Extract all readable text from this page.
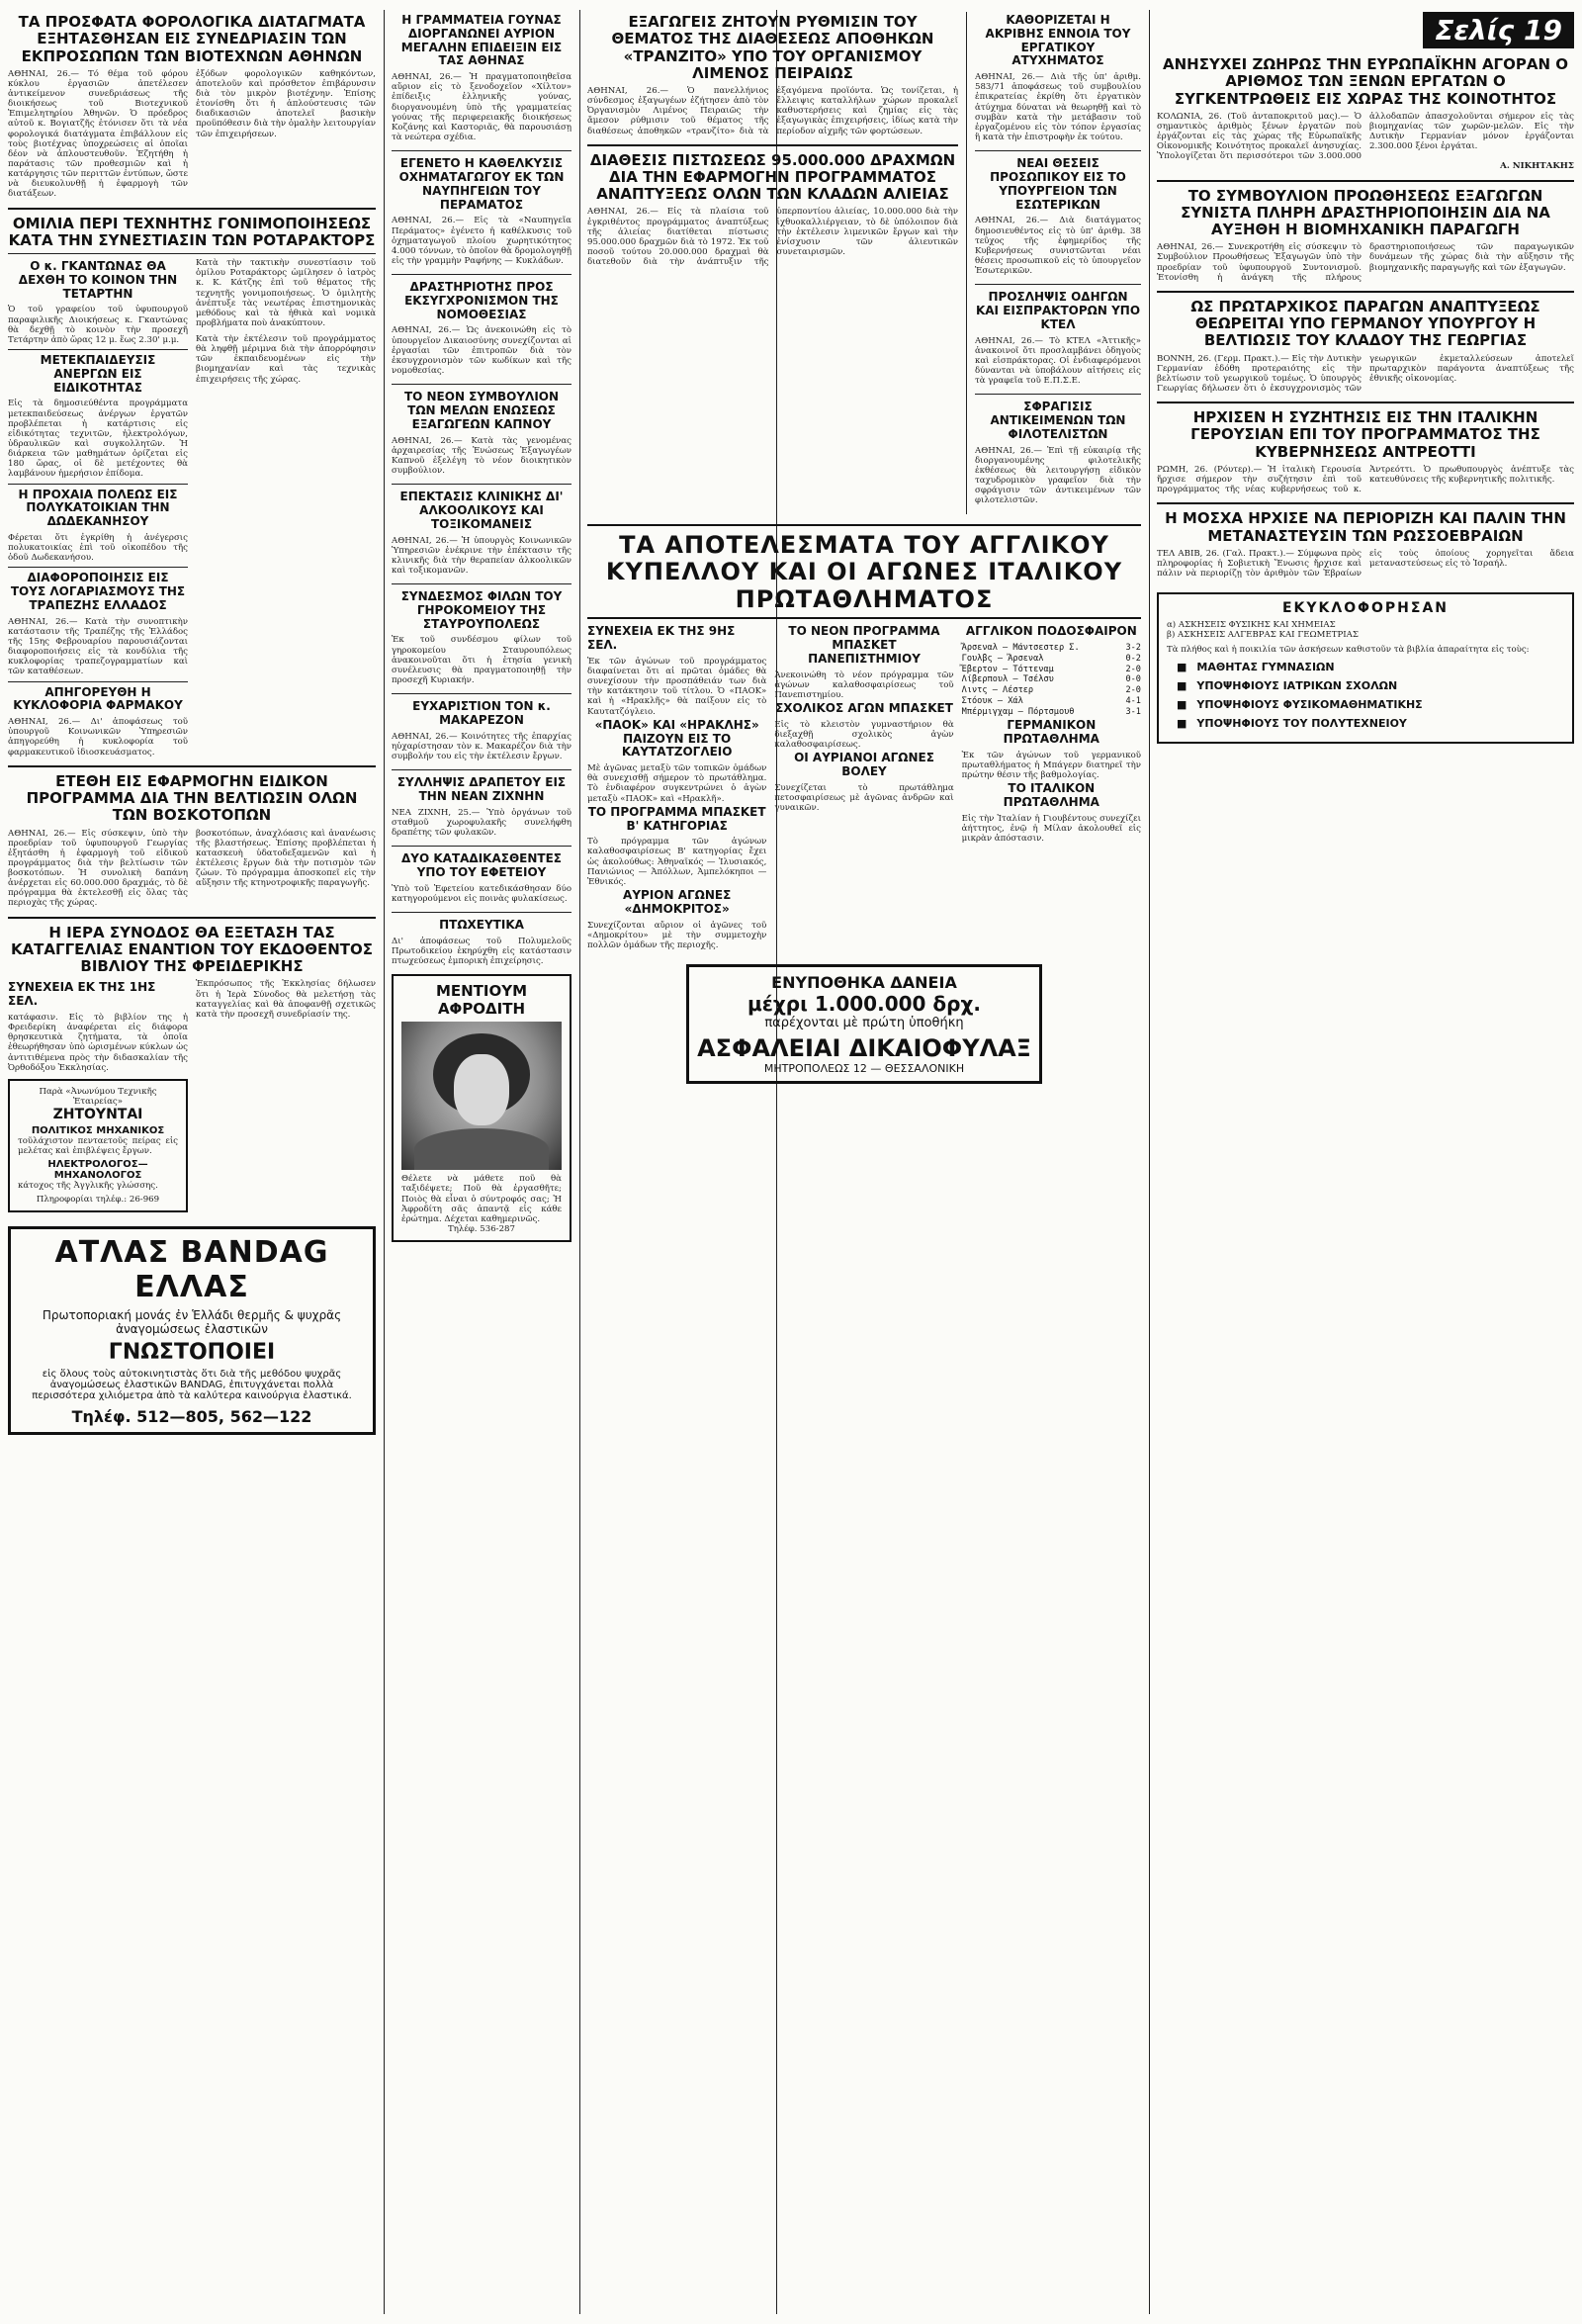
ΤΑ ΠΡΟΣΦΑΤΑ ΦΟΡΟΛΟΓΙΚΑ ΔΙΑΤΑΓΜΑΤΑ ΕΞΗΤΑΣΘΗΣΑΝ ΕΙΣ ΣΥΝΕΔΡΙΑΣΙΝ ΤΩΝ ΕΚΠΡΟΣΩΠΩΝ ΤΩΝ ΒΙΟΤΕΧΝΩΝ ΑΘΗΝΩΝ
ΑΘΗΝΑΙ, 26.— Τό θέμα τοῦ φόρου κύκλου ἐργασιῶν ἀπετέλεσεν ἀντικείμενον συνεδριάσεως τῆς διοικήσεως τοῦ Βιοτεχνικοῦ Ἐπιμελητηρίου Ἀθηνῶν. Ὁ πρόεδρος αὐτοῦ κ. Βογιατζῆς ἐτόνισεν ὅτι τὰ νέα φορολογικά διατάγματα ἐπιβάλλουν εἰς τοὺς βιοτέχνας ὑποχρεώσεις αἱ ὁποῖαι δέον νὰ ἀπλουστευθοῦν. Ἐζητήθη ἡ παράτασις τῶν προθεσμιῶν καὶ ἡ κατάργησις τῶν περιττῶν ἐντύπων, ὥστε νὰ διευκολυνθῇ ἡ ἐφαρμογὴ τῶν διατάξεων.
ἐξόδων φορολογικῶν καθηκόντων, ἀποτελοῦν καὶ πρόσθετον ἐπιβάρυνσιν διὰ τὸν μικρὸν βιοτέχνην. Ἐπίσης ἐτονίσθη ὅτι ἡ ἀπλούστευσις τῶν διαδικασιῶν ἀποτελεῖ βασικὴν προϋπόθεσιν διὰ τὴν ὁμαλὴν λειτουργίαν τῶν ἐπιχειρήσεων.
ΟΜΙΛΙΑ ΠΕΡΙ ΤΕΧΝΗΤΗΣ ΓΟΝΙΜΟΠΟΙΗΣΕΩΣ ΚΑΤΑ ΤΗΝ ΣΥΝΕΣΤΙΑΣΙΝ ΤΩΝ ΡΟΤΑΡΑΚΤΟΡΣ
Ο κ. ΓΚΑΝΤΩΝΑΣ ΘΑ ΔΕΧΘΗ ΤΟ ΚΟΙΝΟΝ ΤΗΝ ΤΕΤΑΡΤΗΝ
Ὁ τοῦ γραφείου τοῦ ὑφυπουργοῦ παραφιλικῆς Διοικήσεως κ. Γκαντώνας θὰ δεχθῇ τὸ κοινὸν τὴν προσεχῆ Τετάρτην ἀπὸ ὥρας 12 μ. ἕως 2.30' μ.μ.
ΜΕΤΕΚΠΑΙΔΕΥΣΙΣ ΑΝΕΡΓΩΝ ΕΙΣ ΕΙΔΙΚΟΤΗΤΑΣ
Εἰς τὰ δημοσιεύθέντα προγράμματα μετεκπαιδεύσεως ἀνέργων ἐργατῶν προβλέπεται ἡ κατάρτισις εἰς εἰδικότητας τεχνιτῶν, ἡλεκτρολόγων, ὑδραυλικῶν καὶ συγκολλητῶν. Ἡ διάρκεια τῶν μαθημάτων ὁρίζεται εἰς 180 ὥρας, οἱ δὲ μετέχοντες θὰ λαμβάνουν ἡμερήσιον ἐπίδομα.
Η ΠΡΟΧΑΙΑ ΠΟΛΕΩΣ ΕΙΣ ΠΟΛΥΚΑΤΟΙΚΙΑΝ ΤΗΝ ΔΩΔΕΚΑΝΗΣΟΥ
Φέρεται ὅτι ἐγκρίθη ἡ ἀνέγερσις πολυκατοικίας ἐπὶ τοῦ οἰκοπέδου τῆς ὁδοῦ Δωδεκανήσου.
ΔΙΑΦΟΡΟΠΟΙΗΣΙΣ ΕΙΣ ΤΟΥΣ ΛΟΓΑΡΙΑΣΜΟΥΣ ΤΗΣ ΤΡΑΠΕΖΗΣ ΕΛΛΑΔΟΣ
ΑΘΗΝΑΙ, 26.— Κατὰ τὴν συνοπτικὴν κατάστασιν τῆς Τραπέζης τῆς Ἑλλάδος τῆς 15ης Φεβρουαρίου παρουσιάζονται διαφοροποιήσεις εἰς τὰ κονδύλια τῆς κυκλοφορίας τραπεζογραμματίων καὶ τῶν καταθέσεων.
ΑΠΗΓΟΡΕΥΘΗ Η ΚΥΚΛΟΦΟΡΙΑ ΦΑΡΜΑΚΟΥ
ΑΘΗΝΑΙ, 26.— Δι' ἀποφάσεως τοῦ ὑπουργοῦ Κοινωνικῶν Ὑπηρεσιῶν ἀπηγορεύθη ἡ κυκλοφορία τοῦ φαρμακευτικοῦ ἰδιοσκευάσματος.
Κατὰ τὴν τακτικὴν συνεστίασιν τοῦ ὁμίλου Ροταράκτορς ὡμίλησεν ὁ ἰατρὸς κ. Κ. Κάτζης ἐπὶ τοῦ θέματος τῆς τεχνητῆς γονιμοποιήσεως. Ὁ ὁμιλητὴς ἀνέπτυξε τὰς νεωτέρας ἐπιστημονικὰς μεθόδους καὶ τὰ ἠθικὰ καὶ νομικὰ προβλήματα ποὺ ἀνακύπτουν.
Κατὰ τὴν ἐκτέλεσιν τοῦ προγράμματος θὰ ληφθῇ μέριμνα διὰ τὴν ἀπορρόφησιν τῶν ἐκπαιδευομένων εἰς τὴν βιομηχανίαν καὶ τὰς τεχνικὰς ἐπιχειρήσεις τῆς χώρας.
ΕΤΕΘΗ ΕΙΣ ΕΦΑΡΜΟΓΗΝ ΕΙΔΙΚΟΝ ΠΡΟΓΡΑΜΜΑ ΔΙΑ ΤΗΝ ΒΕΛΤΙΩΣΙΝ ΟΛΩΝ ΤΩΝ ΒΟΣΚΟΤΟΠΩΝ
ΑΘΗΝΑΙ, 26.— Εἰς σύσκεψιν, ὑπὸ τὴν προεδρίαν τοῦ ὑφυπουργοῦ Γεωργίας ἐξητάσθη ἡ ἐφαρμογὴ τοῦ εἰδικοῦ προγράμματος διὰ τὴν βελτίωσιν τῶν βοσκοτόπων. Ἡ συνολικὴ δαπάνη ἀνέρχεται εἰς 60.000.000 δραχμάς, τὸ δὲ πρόγραμμα θὰ ἐκτελεσθῇ εἰς ὅλας τὰς περιοχὰς τῆς χώρας.
βοσκοτόπων, ἀναχλόασις καὶ ἀνανέωσις τῆς βλαστήσεως. Ἐπίσης προβλέπεται ἡ κατασκευὴ ὑδατοδεξαμενῶν καὶ ἡ ἐκτέλεσις ἔργων διὰ τὴν ποτισμὸν τῶν ζώων. Τὸ πρόγραμμα ἀποσκοπεῖ εἰς τὴν αὔξησιν τῆς κτηνοτροφικῆς παραγωγῆς.
Η ΙΕΡΑ ΣΥΝΟΔΟΣ ΘΑ ΕΞΕΤΑΣΗ ΤΑΣ ΚΑΤΑΓΓΕΛΙΑΣ ΕΝΑΝΤΙΟΝ ΤΟΥ ΕΚΔΟΘΕΝΤΟΣ ΒΙΒΛΙΟΥ ΤΗΣ ΦΡΕΙΔΕΡΙΚΗΣ
ΣΥΝΕΧΕΙΑ ΕΚ ΤΗΣ 1ΗΣ ΣΕΛ.
κατάφασιν. Εἰς τὸ βιβλίον της ἡ Φρειδερίκη ἀναφέρεται εἰς διάφορα θρησκευτικὰ ζητήματα, τὰ ὁποῖα ἐθεωρήθησαν ὑπὸ ὡρισμένων κύκλων ὡς ἀντιτιθέμενα πρὸς τὴν διδασκαλίαν τῆς Ὀρθοδόξου Ἐκκλησίας.
Παρὰ «Ἀνωνύμου Τεχνικῆς Ἐταιρείας»
ΖΗΤΟΥΝΤΑΙ
ΠΟΛΙΤΙΚΟΣ ΜΗΧΑΝΙΚΟΣ
τοῦλάχιστον πενταετοῦς πείρας εἰς μελέτας καὶ ἐπιβλέψεις ἔργων.
ΗΛΕΚΤΡΟΛΟΓΟΣ—ΜΗΧΑΝΟΛΟΓΟΣ
κάτοχος τῆς Ἀγγλικῆς γλώσσης.
Πληροφορίαι τηλέφ.: 26-969
Ἐκπρόσωπος τῆς Ἐκκλησίας δήλωσεν ὅτι ἡ Ἱερὰ Σύνοδος θὰ μελετήσῃ τὰς καταγγελίας καὶ θὰ ἀποφανθῇ σχετικῶς κατὰ τὴν προσεχῆ συνεδρίασίν της.
ΑΤΛΑΣ BANDAG ΕΛΛΑΣ
Πρωτοποριακή μονάς ἐν Ἑλλάδι θερμῆς & ψυχρᾶς ἀναγομώσεως ἐλαστικῶν
ΓΝΩΣΤΟΠΟΙΕΙ
εἰς ὅλους τοὺς αὐτοκινητιστὰς ὅτι διὰ τῆς μεθόδου ψυχρᾶς ἀναγομώσεως ἐλαστικῶν BANDAG, ἐπιτυγχάνεται πολλὰ περισσότερα χιλιόμετρα ἀπὸ τὰ καλύτερα καινούργια ἐλαστικά.
Τηλέφ. 512—805, 562—122
Η ΓΡΑΜΜΑΤΕΙΑ ΓΟΥΝΑΣ ΔΙΟΡΓΑΝΩΝΕΙ ΑΥΡΙΟΝ ΜΕΓΑΛΗΝ ΕΠΙΔΕΙΞΙΝ ΕΙΣ ΤΑΣ ΑΘΗΝΑΣ
ΑΘΗΝΑΙ, 26.— Ἡ πραγματοποιηθεῖσα αὔριον εἰς τὸ ξενοδοχεῖον «Χίλτον» ἐπίδειξις ἑλληνικῆς γούνας, διοργανουμένη ὑπὸ τῆς γραμματείας γούνας τῆς περιφερειακῆς διοικήσεως Κοζάνης καὶ Καστοριᾶς, θὰ παρουσιάσῃ τὰ νεώτερα σχέδια.
ΕΓΕΝΕΤΟ Η ΚΑΘΕΛΚΥΣΙΣ ΟΧΗΜΑΤΑΓΩΓΟΥ ΕΚ ΤΩΝ ΝΑΥΠΗΓΕΙΩΝ ΤΟΥ ΠΕΡΑΜΑΤΟΣ
ΑΘΗΝΑΙ, 26.— Εἰς τὰ «Ναυπηγεῖα Περάματος» ἐγένετο ἡ καθέλκυσις τοῦ ὀχηματαγωγοῦ πλοίου χωρητικότητος 4.000 τόννων, τὸ ὁποῖον θὰ δρομολογηθῇ εἰς τὴν γραμμὴν Ραφήνης — Κυκλάδων.
ΔΡΑΣΤΗΡΙΟΤΗΣ ΠΡΟΣ ΕΚΣΥΓΧΡΟΝΙΣΜΟΝ ΤΗΣ ΝΟΜΟΘΕΣΙΑΣ
ΑΘΗΝΑΙ, 26.— Ὡς ἀνεκοινώθη εἰς τὸ ὑπουργεῖον Δικαιοσύνης συνεχίζονται αἱ ἐργασίαι τῶν ἐπιτροπῶν διὰ τὸν ἐκσυγχρονισμὸν τῶν κωδίκων καὶ τῆς νομοθεσίας.
ΤΟ ΝΕΟΝ ΣΥΜΒΟΥΛΙΟΝ ΤΩΝ ΜΕΛΩΝ ΕΝΩΣΕΩΣ ΕΞΑΓΩΓΕΩΝ ΚΑΠΝΟΥ
ΑΘΗΝΑΙ, 26.— Κατὰ τὰς γενομένας ἀρχαιρεσίας τῆς Ἑνώσεως Ἐξαγωγέων Καπνοῦ ἐξελέγη τὸ νέον διοικητικὸν συμβούλιον.
ΕΠΕΚΤΑΣΙΣ ΚΛΙΝΙΚΗΣ ΔΙ' ΑΛΚΟΟΛΙΚΟΥΣ ΚΑΙ ΤΟΞΙΚΟΜΑΝΕΙΣ
ΑΘΗΝΑΙ, 26.— Ἡ ὑπουργὸς Κοινωνικῶν Ὑπηρεσιῶν ἐνέκρινε τὴν ἐπέκτασιν τῆς κλινικῆς διὰ τὴν θεραπείαν ἀλκοολικῶν καὶ τοξικομανῶν.
ΣΥΝΔΕΣΜΟΣ ΦΙΛΩΝ ΤΟΥ ΓΗΡΟΚΟΜΕΙΟΥ ΤΗΣ ΣΤΑΥΡΟΥΠΟΛΕΩΣ
Ἐκ τοῦ συνδέσμου φίλων τοῦ γηροκομείου Σταυρουπόλεως ἀνακοινοῦται ὅτι ἡ ἐτησία γενικὴ συνέλευσις θὰ πραγματοποιηθῇ τὴν προσεχῆ Κυριακήν.
ΕΥΧΑΡΙΣΤΙΟΝ ΤΟΝ κ. ΜΑΚΑΡΕΖΟΝ
ΑΘΗΝΑΙ, 26.— Κοινότητες τῆς ἐπαρχίας ηὐχαρίστησαν τὸν κ. Μακαρέζον διὰ τὴν συμβολήν του εἰς τὴν ἐκτέλεσιν ἔργων.
ΣΥΛΛΗΨΙΣ ΔΡΑΠΕΤΟΥ ΕΙΣ ΤΗΝ ΝΕΑΝ ΖΙΧΝΗΝ
ΝΕΑ ΖΙΧΝΗ, 25.— Ὑπὸ ὀργάνων τοῦ σταθμοῦ χωροφυλακῆς συνελήφθη δραπέτης τῶν φυλακῶν.
ΔΥΟ ΚΑΤΑΔΙΚΑΣΘΕΝΤΕΣ ΥΠΟ ΤΟΥ ΕΦΕΤΕΙΟΥ
Ὑπὸ τοῦ Ἐφετείου κατεδικάσθησαν δύο κατηγορούμενοι εἰς ποινὰς φυλακίσεως.
ΠΤΩΧΕΥΤΙΚΑ
Δι' ἀποφάσεως τοῦ Πολυμελοῦς Πρωτοδικείου ἐκηρύχθη εἰς κατάστασιν πτωχεύσεως ἐμπορικὴ ἐπιχείρησις.
ΜΕΝΤΙΟΥΜ ΑΦΡΟΔΙΤΗ
Θέλετε νὰ μάθετε ποῦ θὰ ταξιδέψετε; Ποῦ θὰ ἐργασθῆτε; Ποιὸς θὰ εἶναι ὁ σύντροφός σας; Ἡ Ἀφροδίτη σᾶς ἀπαντᾷ εἰς κάθε ἐρώτημα. Δέχεται καθημερινῶς.
Τηλέφ. 536-287
ΕΞΑΓΩΓΕΙΣ ΖΗΤΟΥΝ ΡΥΘΜΙΣΙΝ ΤΟΥ ΘΕΜΑΤΟΣ ΤΗΣ ΔΙΑΘΕΣΕΩΣ ΑΠΟΘΗΚΩΝ «ΤΡΑΝΖΙΤΟ» ΥΠΟ ΤΟΥ ΟΡΓΑΝΙΣΜΟΥ ΛΙΜΕΝΟΣ ΠΕΙΡΑΙΩΣ
ΑΘΗΝΑΙ, 26.— Ὁ πανελλήνιος σύνδεσμος ἐξαγωγέων ἐζήτησεν ἀπὸ τὸν Ὀργανισμὸν Λιμένος Πειραιῶς τὴν ἄμεσον ρύθμισιν τοῦ θέματος τῆς διαθέσεως ἀποθηκῶν «τρανζίτο» διὰ τὰ ἐξαγόμενα προϊόντα. Ὡς τονίζεται, ἡ ἔλλειψις καταλλήλων χώρων προκαλεῖ καθυστερήσεις καὶ ζημίας εἰς τὰς ἐξαγωγικὰς ἐπιχειρήσεις, ἰδίως κατὰ τὴν περίοδον αἰχμῆς τῶν φορτώσεων.
ΔΙΑΘΕΣΙΣ ΠΙΣΤΩΣΕΩΣ 95.000.000 ΔΡΑΧΜΩΝ ΔΙΑ ΤΗΝ ΕΦΑΡΜΟΓΗΝ ΠΡΟΓΡΑΜΜΑΤΟΣ ΑΝΑΠΤΥΞΕΩΣ ΟΛΩΝ ΤΩΝ ΚΛΑΔΩΝ ΑΛΙΕΙΑΣ
ΑΘΗΝΑΙ, 26.— Εἰς τὰ πλαίσια τοῦ ἐγκριθέντος προγράμματος ἀναπτύξεως τῆς ἁλιείας διατίθεται πίστωσις 95.000.000 δραχμῶν διὰ τὸ 1972. Ἐκ τοῦ ποσοῦ τούτου 20.000.000 δραχμαὶ θὰ διατεθοῦν διὰ τὴν ἀνάπτυξιν τῆς ὑπερποντίου ἁλιείας, 10.000.000 διὰ τὴν ἰχθυοκαλλιέργειαν, τὸ δὲ ὑπόλοιπον διὰ τὴν ἐκτέλεσιν λιμενικῶν ἔργων καὶ τὴν ἐνίσχυσιν τῶν ἁλιευτικῶν συνεταιρισμῶν.
ΚΑΘΟΡΙΖΕΤΑΙ Η ΑΚΡΙΒΗΣ ΕΝΝΟΙΑ ΤΟΥ ΕΡΓΑΤΙΚΟΥ ΑΤΥΧΗΜΑΤΟΣ
ΑΘΗΝΑΙ, 26.— Διὰ τῆς ὑπ' ἀριθμ. 583/71 ἀποφάσεως τοῦ συμβουλίου ἐπικρατείας ἐκρίθη ὅτι ἐργατικὸν ἀτύχημα δύναται νὰ θεωρηθῇ καὶ τὸ συμβὰν κατὰ τὴν μετάβασιν τοῦ ἐργαζομένου εἰς τὸν τόπον ἐργασίας ἢ κατὰ τὴν ἐπιστροφὴν ἐκ τούτου.
ΝΕΑΙ ΘΕΣΕΙΣ ΠΡΟΣΩΠΙΚΟΥ ΕΙΣ ΤΟ ΥΠΟΥΡΓΕΙΟΝ ΤΩΝ ΕΣΩΤΕΡΙΚΩΝ
ΑΘΗΝΑΙ, 26.— Διὰ διατάγματος δημοσιευθέντος εἰς τὸ ὑπ' ἀριθμ. 38 τεῦχος τῆς ἐφημερίδος τῆς Κυβερνήσεως συνιστῶνται νέαι θέσεις προσωπικοῦ εἰς τὸ ὑπουργεῖον Ἐσωτερικῶν.
ΠΡΟΣΛΗΨΙΣ ΟΔΗΓΩΝ ΚΑΙ ΕΙΣΠΡΑΚΤΟΡΩΝ ΥΠΟ ΚΤΕΛ
ΑΘΗΝΑΙ, 26.— Τὸ ΚΤΕΛ «Ἀττικῆς» ἀνακοινοῖ ὅτι προσλαμβάνει ὁδηγοὺς καὶ εἰσπράκτορας. Οἱ ἐνδιαφερόμενοι δύνανται νὰ ὑποβάλουν αἰτήσεις εἰς τὰ γραφεῖα τοῦ Ε.Π.Σ.Ε.
ΣΦΡΑΓΙΣΙΣ ΑΝΤΙΚΕΙΜΕΝΩΝ ΤΩΝ ΦΙΛΟΤΕΛΙΣΤΩΝ
ΑΘΗΝΑΙ, 26.— Ἐπὶ τῇ εὐκαιρίᾳ τῆς διοργανουμένης φιλοτελικῆς ἐκθέσεως θὰ λειτουργήσῃ εἰδικὸν ταχυδρομικὸν γραφεῖον διὰ τὴν σφράγισιν τῶν ἀντικειμένων τῶν φιλοτελιστῶν.
ΤΑ ΑΠΟΤΕΛΕΣΜΑΤΑ ΤΟΥ ΑΓΓΛΙΚΟΥ ΚΥΠΕΛΛΟΥ ΚΑΙ ΟΙ ΑΓΩΝΕΣ ΙΤΑΛΙΚΟΥ ΠΡΩΤΑΘΛΗΜΑΤΟΣ
ΣΥΝΕΧΕΙΑ ΕΚ ΤΗΣ 9ΗΣ ΣΕΛ.
Ἐκ τῶν ἀγώνων τοῦ προγράμματος διαφαίνεται ὅτι αἱ πρῶται ὁμάδες θὰ συνεχίσουν τὴν προσπάθειάν των διὰ τὴν κατάκτησιν τοῦ τίτλου. Ὁ «ΠΑΟΚ» καὶ ἡ «Ηρακλῆς» θὰ παίξουν εἰς τὸ Καυτατζόγλειο.
«ΠΑΟΚ» ΚΑΙ «ΗΡΑΚΛΗΣ» ΠΑΙΖΟΥΝ ΕΙΣ ΤΟ ΚΑΥΤΑΤΖΟΓΛΕΙΟ
Μὲ ἀγῶνας μεταξὺ τῶν τοπικῶν ὁμάδων θὰ συνεχισθῇ σήμερον τὸ πρωτάθλημα. Τὸ ἐνδιαφέρον συγκεντρώνει ὁ ἀγὼν μεταξὺ «ΠΑΟΚ» καὶ «Ηρακλῆ».
ΤΟ ΠΡΟΓΡΑΜΜΑ ΜΠΑΣΚΕΤ Β' ΚΑΤΗΓΟΡΙΑΣ
Τὸ πρόγραμμα τῶν ἀγώνων καλαθοσφαιρίσεως Β' κατηγορίας ἔχει ὡς ἀκολούθως: Ἀθηναϊκός — Ἰλυσιακός, Πανιώνιος — Ἀπόλλων, Ἀμπελόκηποι — Ἐθνικός.
ΑΥΡΙΟΝ ΑΓΩΝΕΣ «ΔΗΜΟΚΡΙΤΟΣ»
Συνεχίζονται αὔριον οἱ ἀγῶνες τοῦ «Δημοκρίτου» μὲ τὴν συμμετοχὴν πολλῶν ὁμάδων τῆς περιοχῆς.
ΤΟ ΝΕΟΝ ΠΡΟΓΡΑΜΜΑ ΜΠΑΣΚΕΤ ΠΑΝΕΠΙΣΤΗΜΙΟΥ
Ἀνεκοινώθη τὸ νέον πρόγραμμα τῶν ἀγώνων καλαθοσφαιρίσεως τοῦ Πανεπιστημίου.
ΣΧΟΛΙΚΟΣ ΑΓΩΝ ΜΠΑΣΚΕΤ
Εἰς τὸ κλειστὸν γυμναστήριον θὰ διεξαχθῇ σχολικὸς ἀγὼν καλαθοσφαιρίσεως.
ΟΙ ΑΥΡΙΑΝΟΙ ΑΓΩΝΕΣ ΒΟΛΕΥ
Συνεχίζεται τὸ πρωτάθλημα πετοσφαιρίσεως μὲ ἀγῶνας ἀνδρῶν καὶ γυναικῶν.
ΑΓΓΛΙΚΟΝ ΠΟΔΟΣΦΑΙΡΟΝ
Ἄρσεναλ — Μάντσεστερ Σ.	3-2
Γουλβς — Ἄρσεναλ	0-2
Ἔβερτον — Τόττεναμ	2-0
Λίβερπουλ — Τσέλσυ	0-0
Λιντς — Λέστερ	2-0
Στόουκ — Χάλ	4-1
Μπέρμιγχαμ — Πόρτσμουθ	3-1
ΓΕΡΜΑΝΙΚΟΝ ΠΡΩΤΑΘΛΗΜΑ
Ἐκ τῶν ἀγώνων τοῦ γερμανικοῦ πρωταθλήματος ἡ Μπάγερν διατηρεῖ τὴν πρώτην θέσιν τῆς βαθμολογίας.
ΤΟ ΙΤΑΛΙΚΟΝ ΠΡΩΤΑΘΛΗΜΑ
Εἰς τὴν Ἰταλίαν ἡ Γιουβέντους συνεχίζει ἀήττητος, ἐνῷ ἡ Μίλαν ἀκολουθεῖ εἰς μικρὰν ἀπόστασιν.
ΕΝΥΠΟΘΗΚΑ ΔΑΝΕΙΑ
μέχρι 1.000.000 δρχ.
παρέχονται μὲ πρώτη ὑποθήκη
ΑΣΦΑΛΕΙΑΙ ΔΙΚΑΙΟΦΥΛΑΞ
ΜΗΤΡΟΠΟΛΕΩΣ 12 — ΘΕΣΣΑΛΟΝΙΚΗ
Σελίς 19
ΑΝΗΣΥΧΕΙ ΖΩΗΡΩΣ ΤΗΝ ΕΥΡΩΠΑΪΚΗΝ ΑΓΟΡΑΝ Ο ΑΡΙΘΜΟΣ ΤΩΝ ΞΕΝΩΝ ΕΡΓΑΤΩΝ Ο ΣΥΓΚΕΝΤΡΩΘΕΙΣ ΕΙΣ ΧΩΡΑΣ ΤΗΣ ΚΟΙΝΟΤΗΤΟΣ
ΚΟΛΩΝΙΑ, 26. (Τοῦ ἀνταποκριτοῦ μας).— Ὁ σημαντικὸς ἀριθμὸς ξένων ἐργατῶν ποὺ ἐργάζονται εἰς τὰς χώρας τῆς Εὐρωπαϊκῆς Οἰκονομικῆς Κοινότητος προκαλεῖ ἀνησυχίας. Ὑπολογίζεται ὅτι περισσότεροι τῶν 3.000.000 ἀλλοδαπῶν ἀπασχολοῦνται σήμερον εἰς τὰς βιομηχανίας τῶν χωρῶν-μελῶν. Εἰς τὴν Δυτικὴν Γερμανίαν μόνον ἐργάζονται 2.300.000 ξένοι ἐργάται.
Α. ΝΙΚΗΤΑΚΗΣ
ΤΟ ΣΥΜΒΟΥΛΙΟΝ ΠΡΟΩΘΗΣΕΩΣ ΕΞΑΓΩΓΩΝ ΣΥΝΙΣΤΑ ΠΛΗΡΗ ΔΡΑΣΤΗΡΙΟΠΟΙΗΣΙΝ ΔΙΑ ΝΑ ΑΥΞΗΘΗ Η ΒΙΟΜΗΧΑΝΙΚΗ ΠΑΡΑΓΩΓΗ
ΑΘΗΝΑΙ, 26.— Συνεκροτήθη εἰς σύσκεψιν τὸ Συμβούλιον Προωθήσεως Ἐξαγωγῶν ὑπὸ τὴν προεδρίαν τοῦ ὑφυπουργοῦ Συντονισμοῦ. Ἐτονίσθη ἡ ἀνάγκη τῆς πλήρους δραστηριοποιήσεως τῶν παραγωγικῶν δυνάμεων τῆς χώρας διὰ τὴν αὔξησιν τῆς βιομηχανικῆς παραγωγῆς καὶ τῶν ἐξαγωγῶν.
ΩΣ ΠΡΩΤΑΡΧΙΚΟΣ ΠΑΡΑΓΩΝ ΑΝΑΠΤΥΞΕΩΣ ΘΕΩΡΕΙΤΑΙ ΥΠΟ ΓΕΡΜΑΝΟΥ ΥΠΟΥΡΓΟΥ Η ΒΕΛΤΙΩΣΙΣ ΤΟΥ ΚΛΑΔΟΥ ΤΗΣ ΓΕΩΡΓΙΑΣ
ΒΟΝΝΗ, 26. (Γερμ. Πρακτ.).— Εἰς τὴν Δυτικὴν Γερμανίαν ἐδόθη προτεραιότης εἰς τὴν βελτίωσιν τοῦ γεωργικοῦ τομέως. Ὁ ὑπουργὸς Γεωργίας δήλωσεν ὅτι ὁ ἐκσυγχρονισμὸς τῶν γεωργικῶν ἐκμεταλλεύσεων ἀποτελεῖ πρωταρχικὸν παράγοντα ἀναπτύξεως τῆς ἐθνικῆς οἰκονομίας.
ΗΡΧΙΣΕΝ Η ΣΥΖΗΤΗΣΙΣ ΕΙΣ ΤΗΝ ΙΤΑΛΙΚΗΝ ΓΕΡΟΥΣΙΑΝ ΕΠΙ ΤΟΥ ΠΡΟΓΡΑΜΜΑΤΟΣ ΤΗΣ ΚΥΒΕΡΝΗΣΕΩΣ ΑΝΤΡΕΟΤΤΙ
ΡΩΜΗ, 26. (Ρόυτερ).— Ἡ ἰταλικὴ Γερουσία ἤρχισε σήμερον τὴν συζήτησιν ἐπὶ τοῦ προγράμματος τῆς νέας κυβερνήσεως τοῦ κ. Ἀντρεόττι. Ὁ πρωθυπουργὸς ἀνέπτυξε τὰς κατευθύνσεις τῆς κυβερνητικῆς πολιτικῆς.
Η ΜΟΣΧΑ ΗΡΧΙΣΕ ΝΑ ΠΕΡΙΟΡΙΖΗ ΚΑΙ ΠΑΛΙΝ ΤΗΝ ΜΕΤΑΝΑΣΤΕΥΣΙΝ ΤΩΝ ΡΩΣΣΟΕΒΡΑΙΩΝ
ΤΕΛ ΑΒΙΒ, 26. (Γαλ. Πρακτ.).— Σύμφωνα πρὸς πληροφορίας ἡ Σοβιετικὴ Ἕνωσις ἤρχισε καὶ πάλιν νὰ περιορίζῃ τὸν ἀριθμὸν τῶν Ἑβραίων εἰς τοὺς ὁποίους χορηγεῖται ἄδεια μεταναστεύσεως εἰς τὸ Ἰσραήλ.
ΕΚΥΚΛΟΦΟΡΗΣΑΝ
α) ΑΣΚΗΣΕΙΣ ΦΥΣΙΚΗΣ ΚΑΙ ΧΗΜΕΙΑΣ
β) ΑΣΚΗΣΕΙΣ ΑΛΓΕΒΡΑΣ ΚΑΙ ΓΕΩΜΕΤΡΙΑΣ
Τὰ πλήθος καὶ ἡ ποικιλία τῶν ἀσκήσεων καθιστοῦν τὰ βιβλία ἀπαραίτητα εἰς τοὺς:
■ ΜΑΘΗΤΑΣ ΓΥΜΝΑΣΙΩΝ
■ ΥΠΟΨΗΦΙΟΥΣ ΙΑΤΡΙΚΩΝ ΣΧΟΛΩΝ
■ ΥΠΟΨΗΦΙΟΥΣ ΦΥΣΙΚΟΜΑΘΗΜΑΤΙΚΗΣ
■ ΥΠΟΨΗΦΙΟΥΣ ΤΟΥ ΠΟΛΥΤΕΧΝΕΙΟΥ
